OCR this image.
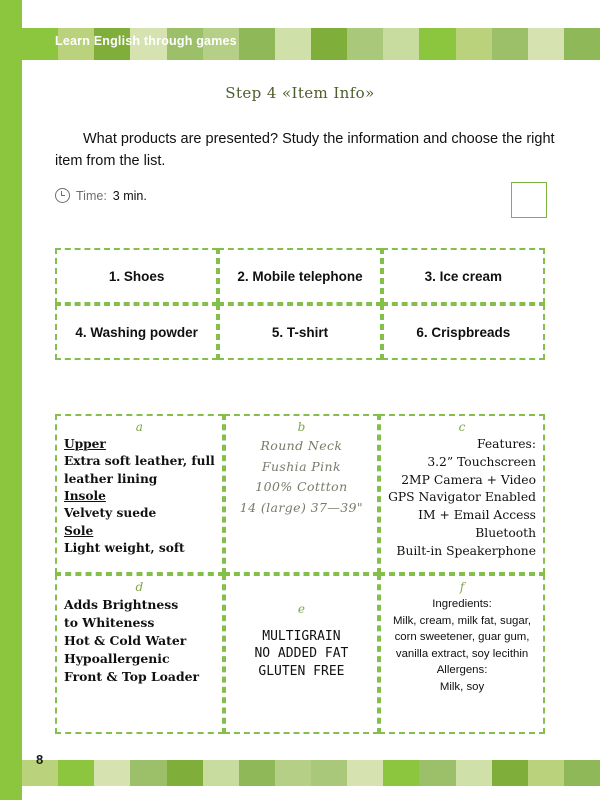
Learn English through games
Step 4 «Item Info»
What products are presented? Study the information and choose the right item from the list.
Time: 3 min.
1. Shoes	2. Mobile telephone	3. Ice cream
4. Washing powder	5. T-shirt	6. Crispbreads
a
Upper
Extra soft leather, full
leather lining
Insole
Velvety suede
Sole
Light weight, soft
b
Round Neck
Fushia Pink
100% Cottton
14 (large) 37—39"
c
Features:
3.2” Touchscreen
2MP Camera + Video
GPS Navigator Enabled
IM + Email Access
Bluetooth
Built-in Speakerphone
d
Adds Brightness
to Whiteness
Hot & Cold Water
Hypoallergenic
Front & Top Loader
e
MULTIGRAIN
NO ADDED FAT
GLUTEN FREE
f
Ingredients:
Milk, cream, milk fat, sugar,
corn sweetener, guar gum,
vanilla extract, soy lecithin
Allergens:
Milk, soy
8
